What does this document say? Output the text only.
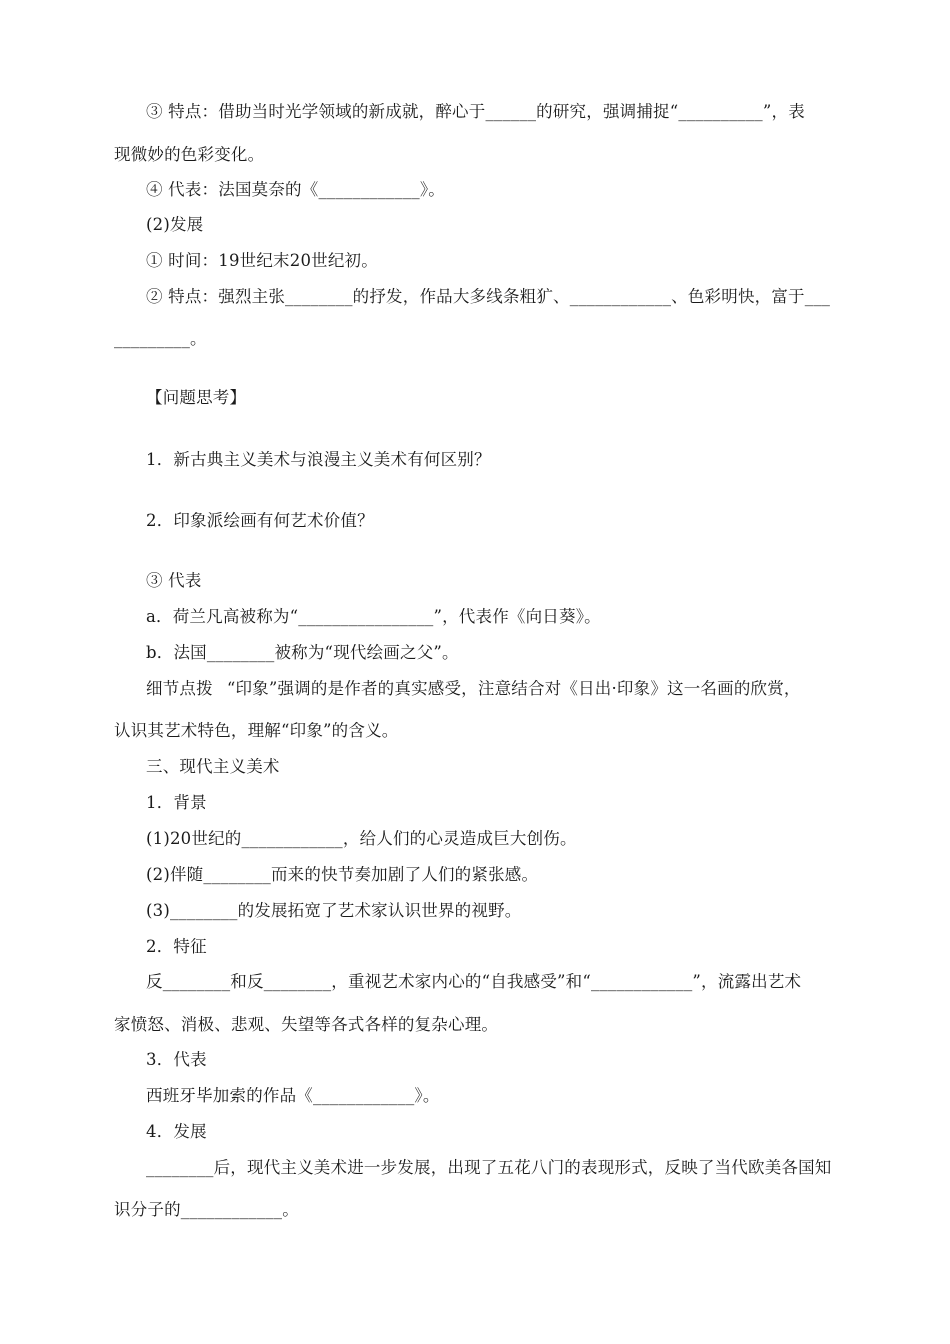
③ 特点：借助当时光学领域的新成就，醉心于______的研究，强调捕捉“__________”，表
现微妙的色彩变化。
④ 代表：法国莫奈的《____________》。
(2)发展
① 时间：19世纪末20世纪初。
② 特点：强烈主张________的抒发，作品大多线条粗犷、____________、色彩明快，富于___
_________。
【问题思考】
1．新古典主义美术与浪漫主义美术有何区别？
2．印象派绘画有何艺术价值？
③ 代表
a．荷兰凡高被称为“________________”，代表作《向日葵》。
b．法国________被称为“现代绘画之父”。
细节点拨 “印象”强调的是作者的真实感受，注意结合对《日出·印象》这一名画的欣赏，
认识其艺术特色，理解“印象”的含义。
三、现代主义美术
1．背景
(1)20世纪的____________，给人们的心灵造成巨大创伤。
(2)伴随________而来的快节奏加剧了人们的紧张感。
(3)________的发展拓宽了艺术家认识世界的视野。
2．特征
反________和反________，重视艺术家内心的“自我感受”和“____________”，流露出艺术
家愤怒、消极、悲观、失望等各式各样的复杂心理。
3．代表
西班牙毕加索的作品《____________》。
4．发展
________后，现代主义美术进一步发展，出现了五花八门的表现形式，反映了当代欧美各国知
识分子的____________。
